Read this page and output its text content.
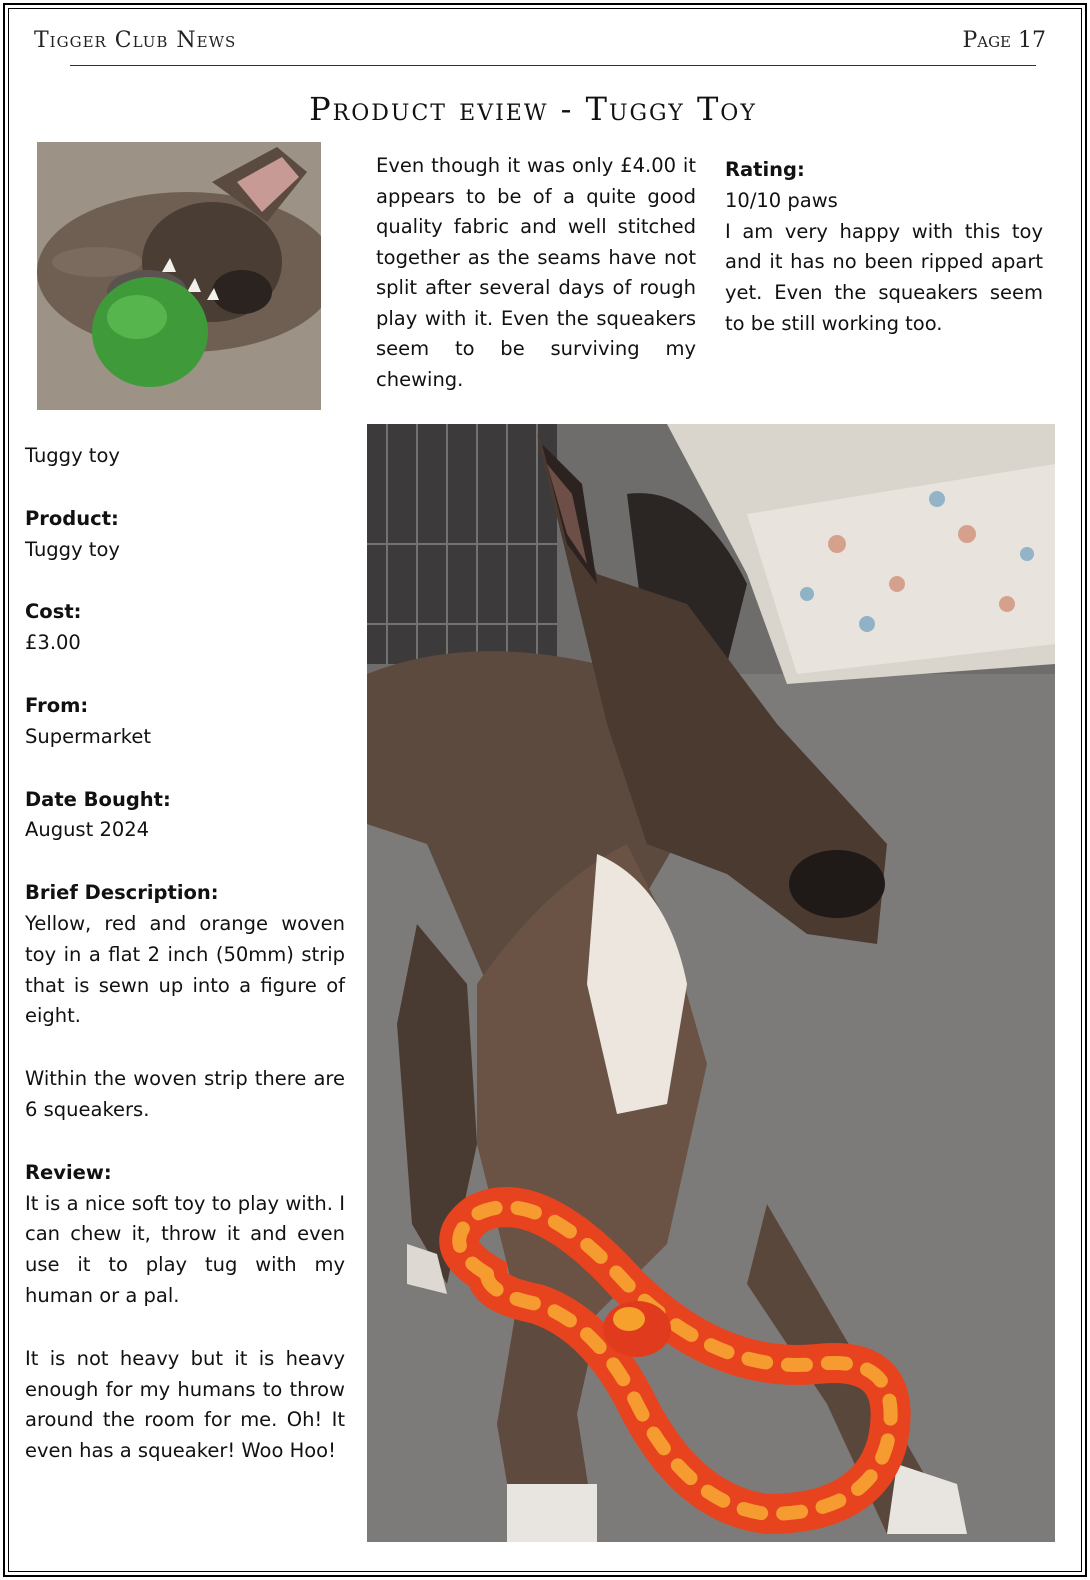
Tigger Club News	Page 17
Product eview - Tuggy Toy

Even though it was only £4.00 it appears to be of a quite good quality fabric and well stitched together as the seams have not split after several days of rough play with it. Even the squeakers seem to be surviving my chewing.

Rating:

10/10 paws

I am very happy with this toy and it has no been ripped apart yet. Even the squeakers seem to be still working too.

Tuggy toy

Product:

Tuggy toy

Cost:

£3.00

From:

Supermarket

Date Bought:

August 2024

Brief Description:

Yellow, red and orange woven toy in a flat 2 inch (50mm) strip that is sewn up into a figure of eight.

Within the woven strip there are 6 squeakers.

Review:

It is a nice soft toy to play with. I can chew it, throw it and even use it to play tug with my human or a pal.

It is not heavy but it is heavy enough for my humans to throw around the room for me. Oh! It even has a squeaker! Woo Hoo!
